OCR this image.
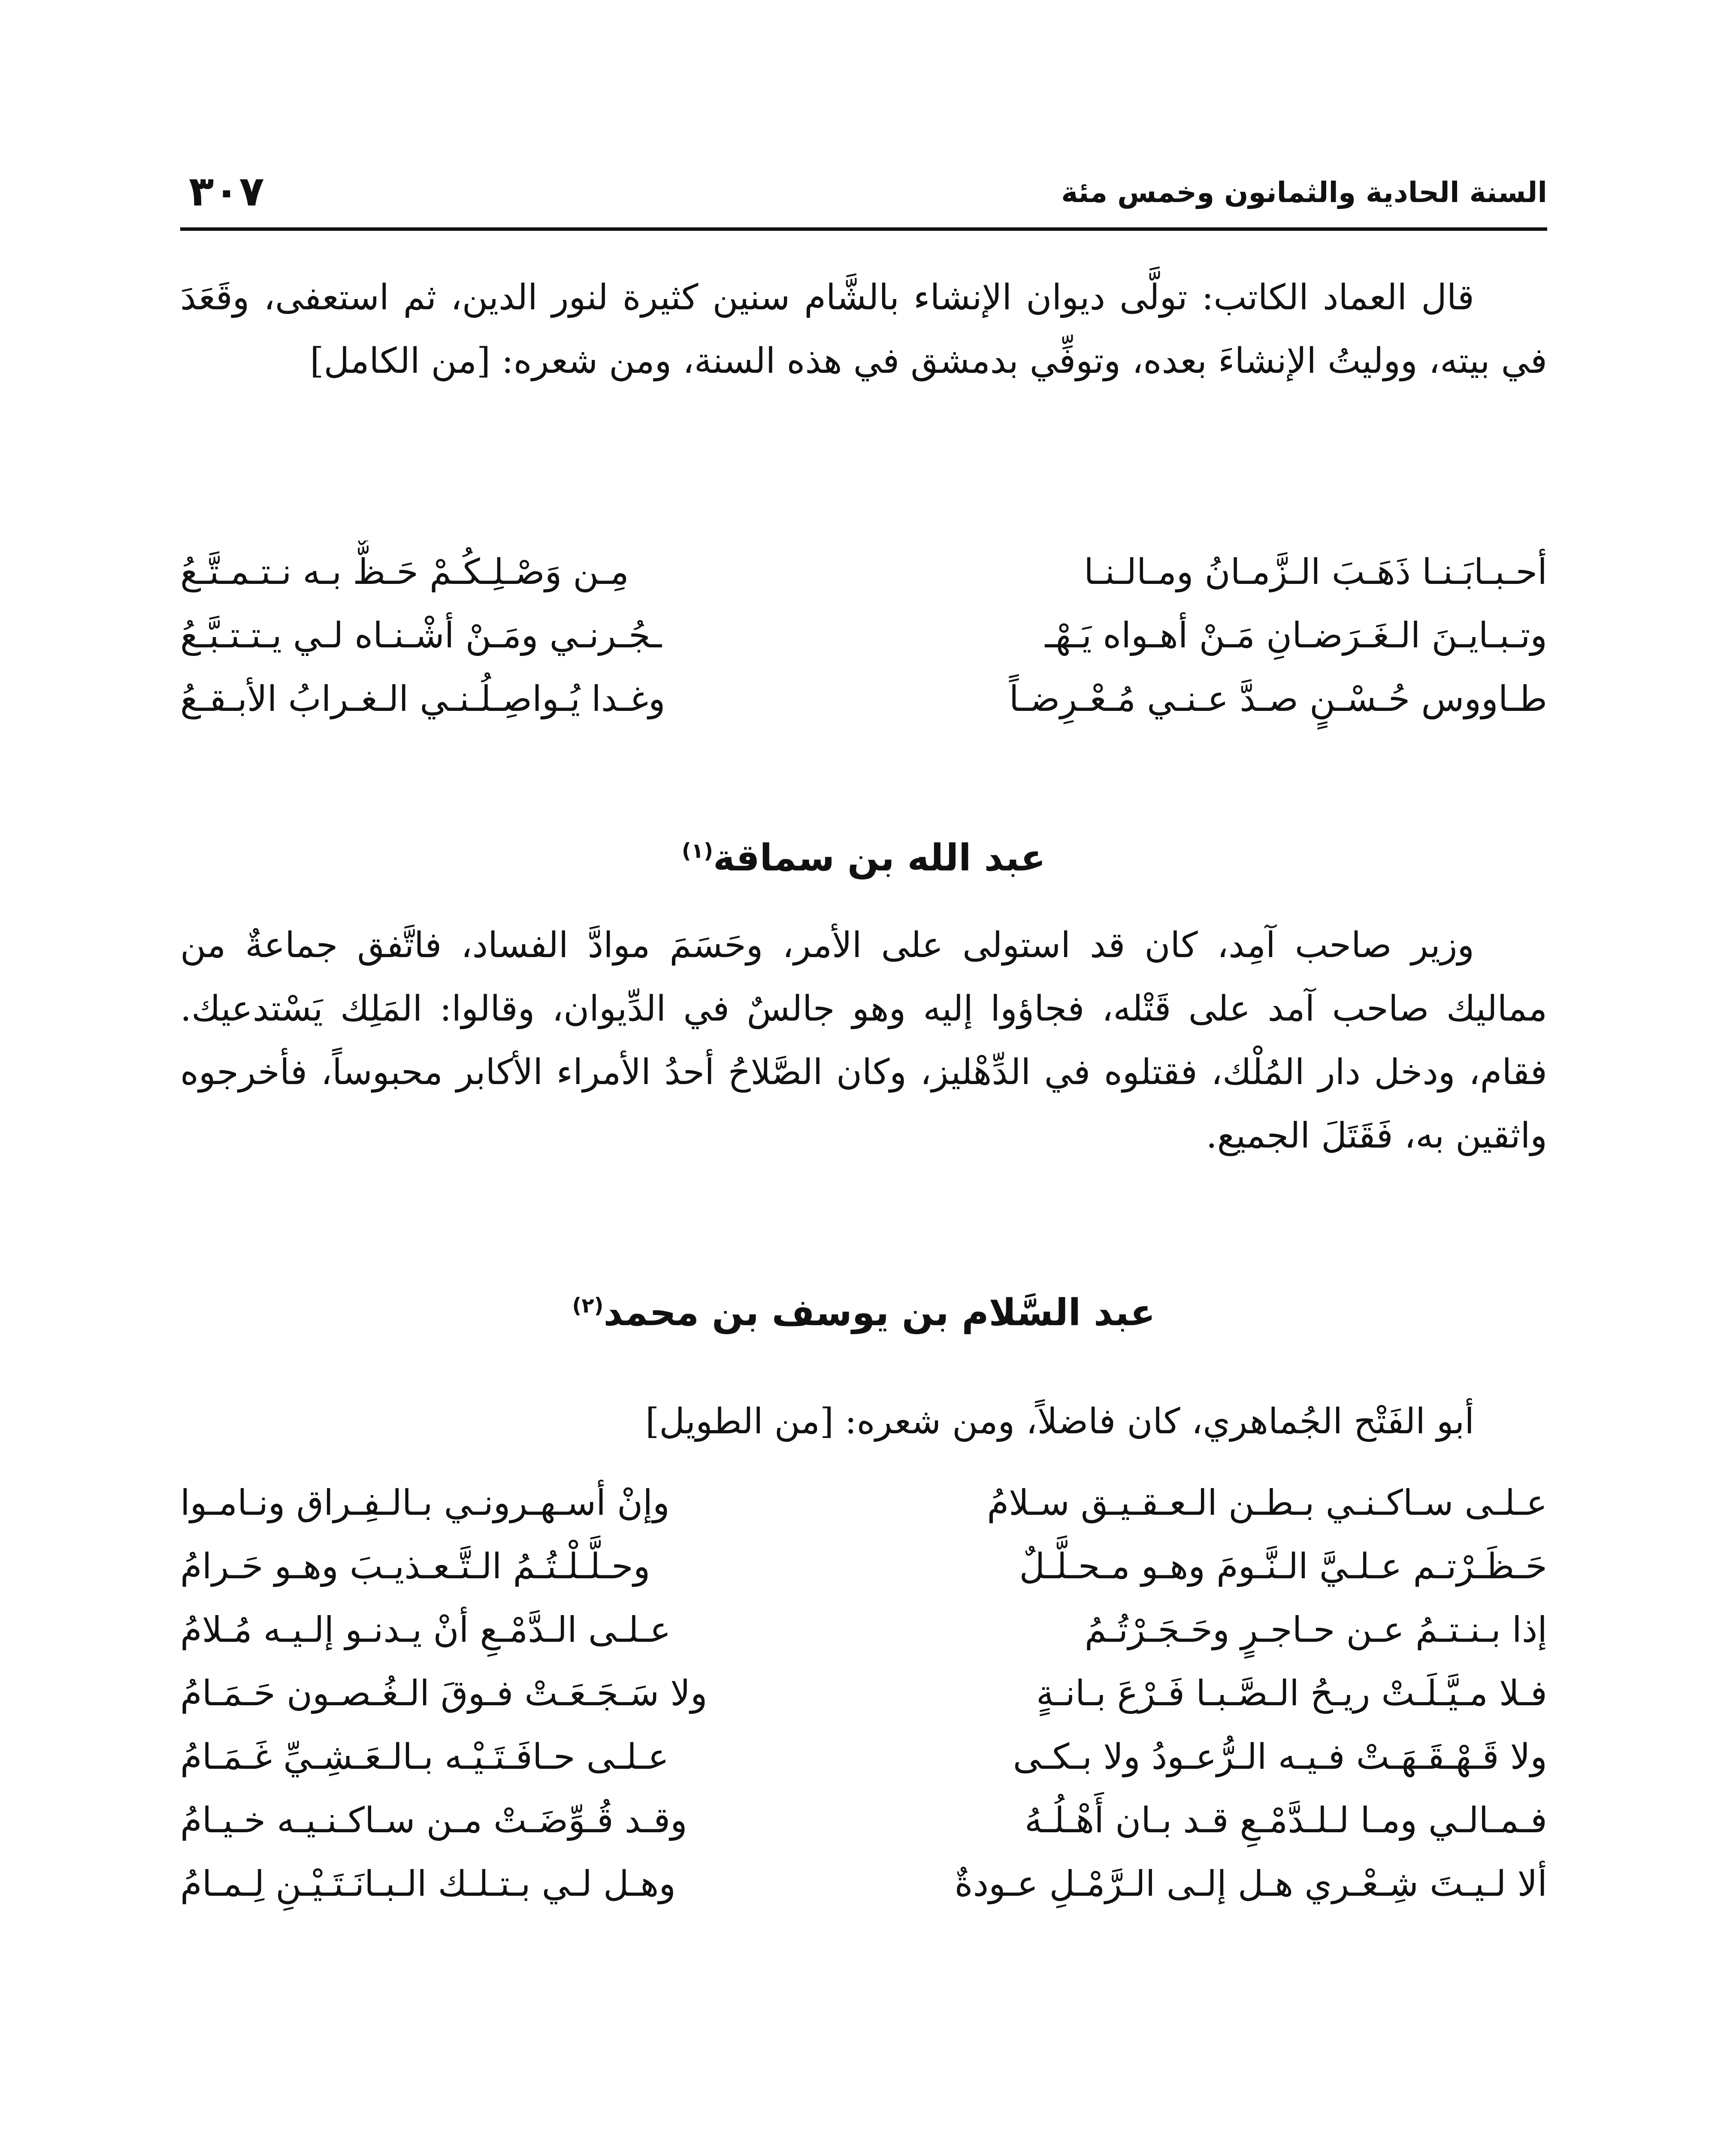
السنة الحادية والثمانون وخمس مئة
٣٠٧

قال العماد الكاتب: تولَّى ديوان الإنشاء بالشَّام سنين كثيرة لنور الدين، ثم استعفى، وقَعَدَ في بيته، ووليتُ الإنشاءَ بعده، وتوفِّي بدمشق في هذه السنة، ومن شعره: [من الكامل]

أحـبـابَـنـا ذَهَـبَ الـزَّمـانُ ومـالـنـا
مِـن وَصْـلِـكُـمْ حَـظٌّ بـه نـتـمـتَّـعُ
وتـبـايـنَ الـغَـرَضـانِ مَـنْ أهـواه يَـهْـ
ـجُـرنـي ومَـنْ أشْـنـاه لـي يـتـتـبَّـعُ
طـاووس حُـسْـنٍ صـدَّ عـنـي مُـعْـرِضـاً
وغـدا يُـواصِـلُـنـي الـغـرابُ الأبـقـعُ
عبد الله بن سماقة$^{(١)}$

وزير صاحب آمِد، كان قد استولى على الأمر، وحَسَمَ موادَّ الفساد، فاتَّفق جماعةٌ من مماليك صاحب آمد على قَتْله، فجاؤوا إليه وهو جالسٌ في الدِّيوان، وقالوا: المَلِك يَسْتدعيك. فقام، ودخل دار المُلْك، فقتلوه في الدِّهْليز، وكان الصَّلاحُ أحدُ الأمراء الأكابر محبوساً، فأخرجوه واثقين به، فَقَتَلَ الجميع.

عبد السَّلام بن يوسف بن محمد$^{(٢)}$

أبو الفَتْح الجُماهري، كان فاضلاً، ومن شعره: [من الطويل]

عـلـى سـاكـنـي بـطـن الـعـقـيـق سـلامُ
وإنْ أسـهـرونـي بـالـفِـراق ونـامـوا
حَـظَـرْتـم عـلـيَّ الـنَّـومَ وهـو مـحـلَّـلٌ
وحـلَّـلْـتُـمُ الـتَّـعـذيـبَ وهـو حَـرامُ
إذا بـنـتـمُ عـن حـاجـرٍ وحَـجَـرْتُـمُ
عـلـى الـدَّمْـعِ أنْ يـدنـو إلـيـه مُـلامُ
فـلا مـيَّـلَـتْ ريـحُ الـصَّـبـا فَـرْعَ بـانـةٍ
ولا سَـجَـعَـتْ فـوقَ الـغُـصـون حَـمَـامُ
ولا قَـهْـقَـهَـتْ فـيـه الـرُّعـودُ ولا بـكـى
عـلـى حـافَـتَـيْـه بـالـعَـشِـيِّ غَـمَـامُ
فـمـالـي ومـا لـلـدَّمْـعِ قـد بـان أَهْـلُـهُ
وقـد قُـوِّضَـتْ مـن سـاكـنـيـه خـيـامُ
ألا لـيـتَ شِـعْـري هـل إلـى الـرَّمْـلِ عـودةٌ
وهـل لـي بـتـلـك الـبـانَـتَـيْـنِ لِـمـامُ
